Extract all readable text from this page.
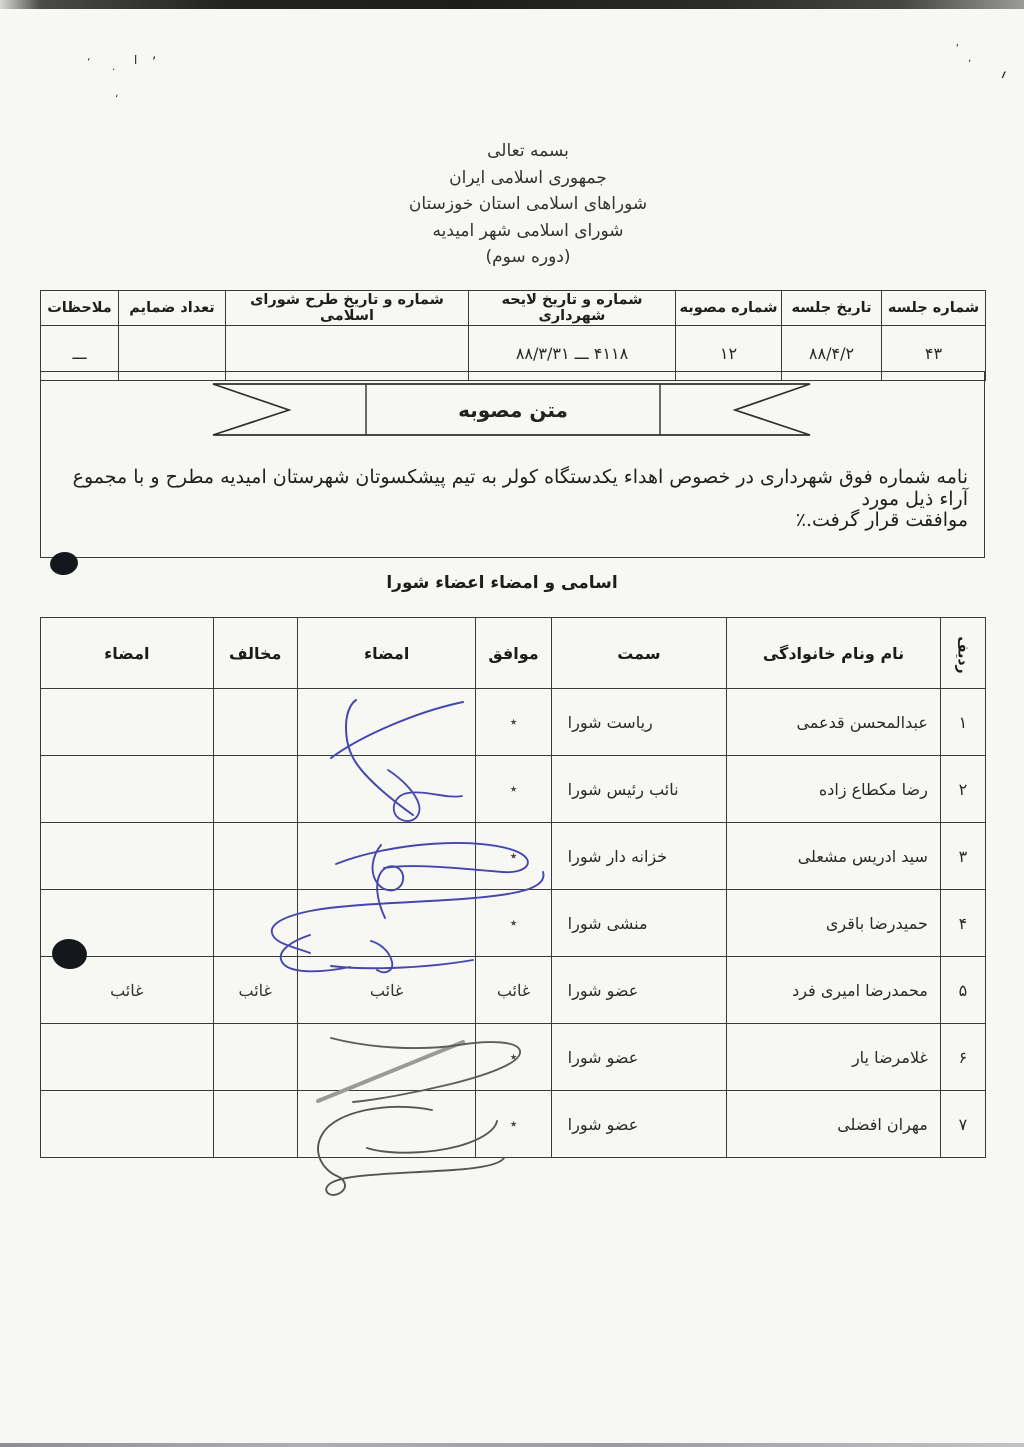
'
·
ا ٬
،
'
٬
؍
بسمه تعالی
جمهوری اسلامی ایران
شوراهای اسلامی استان خوزستان
شورای اسلامی شهر امیدیه
(دوره سوم)
شماره جلسه	تاریخ جلسه	شماره مصوبه	شماره و تاریخ لایحه شهرداری	شماره و تاریخ طرح شورای اسلامی	تعداد ضمایم	ملاحظات
۴۳	۸۸/۴/۲	۱۲	۴۱۱۸ ـــ ۸۸/۳/۳۱			ـــ
متن مصوبه
نامه شماره فوق شهرداری در خصوص اهداء یکدستگاه کولر به تیم پیشکسوتان شهرستان امیدیه مطرح و با مجموع آراء ذیل مورد
موافقت قرار گرفت.٪
اسامی و امضاء اعضاء شورا
ردیف	نام ونام خانوادگی	سمت	موافق	امضاء	مخالف	امضاء
۱	عبدالمحسن قدعمی	ریاست شورا	٭			
۲	رضا مکطاع زاده	نائب رئیس شورا	٭			
۳	سید ادریس مشعلی	خزانه دار شورا	٭			
۴	حمیدرضا باقری	منشی شورا	٭			
۵	محمدرضا امیری فرد	عضو شورا	غائب	غائب	غائب	غائب
۶	غلامرضا یار	عضو شورا	٭			
۷	مهران افضلی	عضو شورا	٭			
